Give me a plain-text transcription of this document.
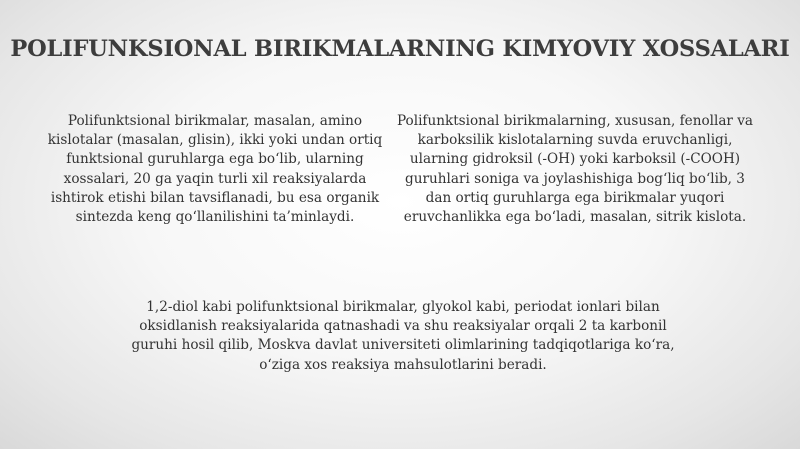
POLIFUNKSIONAL BIRIKMALARNING KIMYOVIY XOSSALARI
Polifunktsional birikmalar, masalan, amino kislotalar (masalan, glisin), ikki yoki undan ortiq funktsional guruhlarga ega bo‘lib, ularning xossalari, 20 ga yaqin turli xil reaksiyalarda ishtirok etishi bilan tavsiflanadi, bu esa organik sintezda keng qo‘llanilishini ta’minlaydi.
Polifunktsional birikmalarning, xususan, fenollar va karboksilik kislotalarning suvda eruvchanligi, ularning gidroksil (-OH) yoki karboksil (-COOH) guruhlari soniga va joylashishiga bog‘liq bo‘lib, 3 dan ortiq guruhlarga ega birikmalar yuqori eruvchanlikka ega bo‘ladi, masalan, sitrik kislota.
1,2-diol kabi polifunktsional birikmalar, glyokol kabi, periodat ionlari bilan oksidlanish reaksiyalarida qatnashadi va shu reaksiyalar orqali 2 ta karbonil guruhi hosil qilib, Moskva davlat universiteti olimlarining tadqiqotlariga ko‘ra, o‘ziga xos reaksiya mahsulotlarini beradi.
